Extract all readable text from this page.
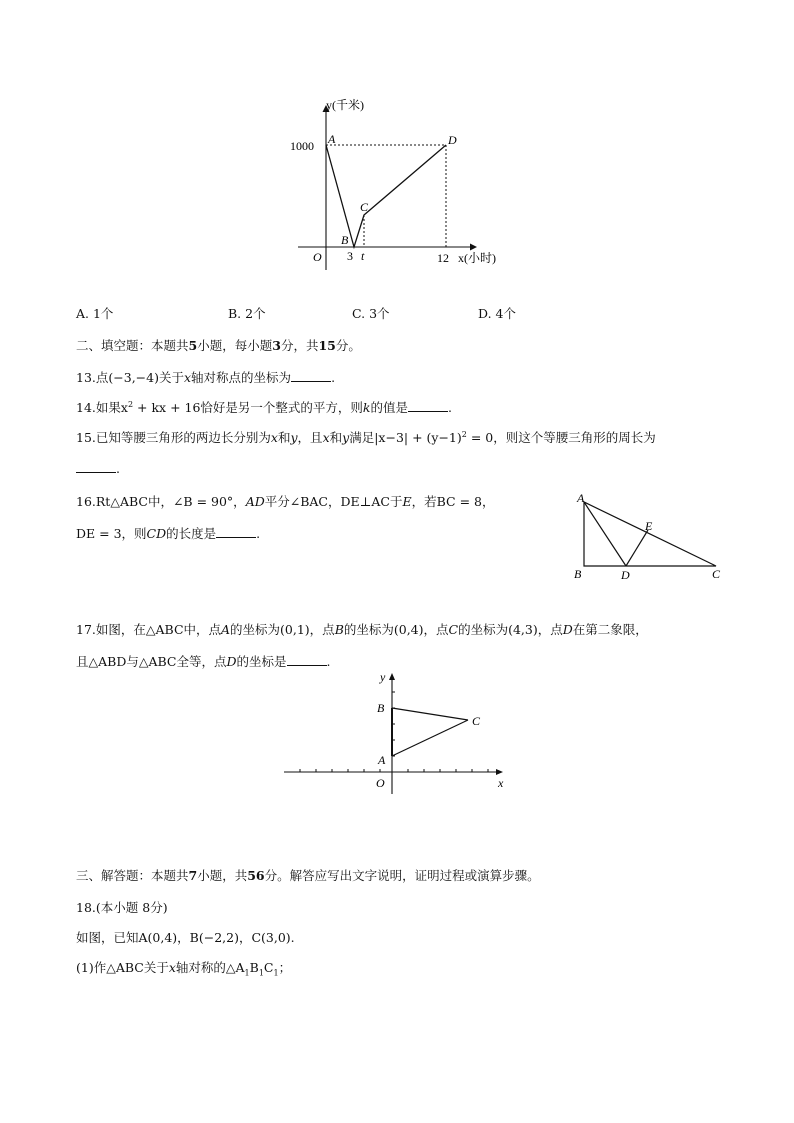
y(千米)
1000 A	D
C
B
O 3 t	12 x(小时)
A. 1个	B. 2个	C. 3个	D. 4个
二、填空题：本题共5小题，每小题3分，共15分。
13.点(−3,−4)关于x轴对称点的坐标为	.
14.如果$x^2$ + kx + 16恰好是另一个整式的平方，则k的值是	.
15.已知等腰三角形的两边长分别为x和y，且x和y满足$|x-3| + (y-1)^2 = 0$，则这个等腰三角形的周长为
.
16.Rt△ABC中，∠B = 90°，AD平分∠BAC，DE⊥AC于E，若BC = 8，
DE = 3，则CD的长度是	.
A
B	D	C
E
17.如图，在△ABC中，点A的坐标为(0,1)，点B的坐标为(0,4)，点C的坐标为(4,3)，点D在第二象限，
且△ABD与△ABC全等，点D的坐标是	.
y
x
O
B
A
C
三、解答题：本题共7小题，共56分。解答应写出文字说明，证明过程或演算步骤。
18.(本小题 8分)
如图，已知A(0,4)，B(−2,2)，C(3,0).
(1)作△ABC关于x轴对称的$\triangle A_1B_1C_1$；
